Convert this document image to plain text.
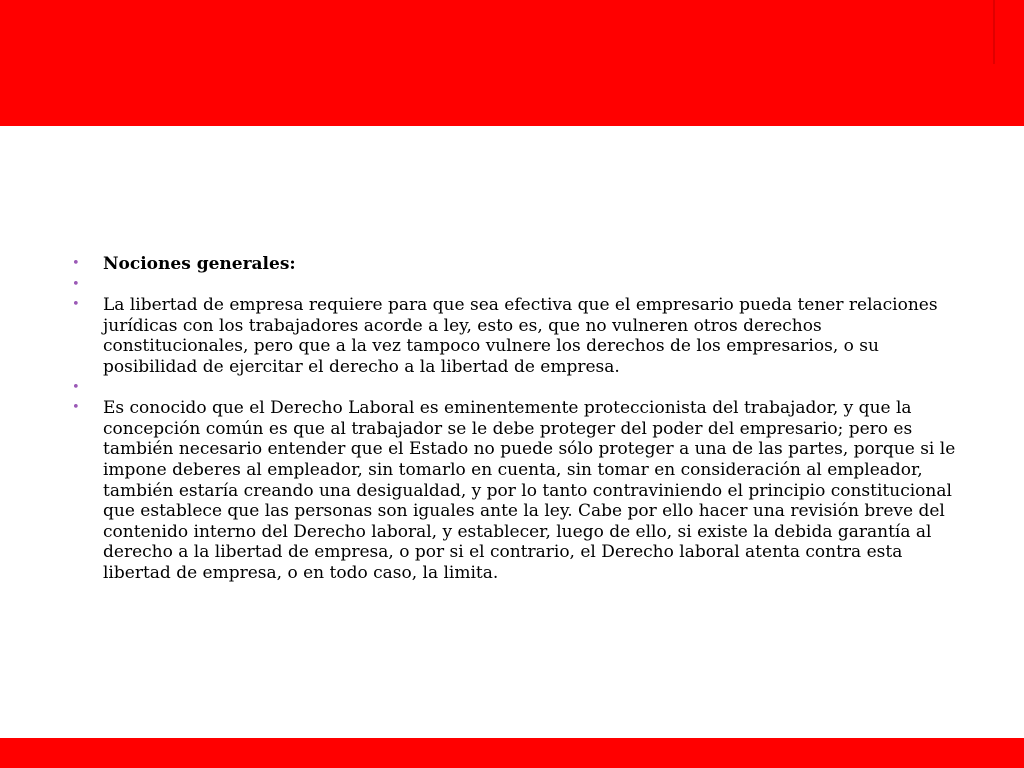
•	Nociones generales:
•
•	La libertad de empresa requiere para que sea efectiva que el empresario pueda tener relaciones jurídicas con los trabajadores acorde a ley, esto es, que no vulneren otros derechos constitucionales, pero que a la vez tampoco vulnere los derechos de los empresarios, o su posibilidad de ejercitar el derecho a la libertad de empresa.
•
•	Es conocido que el Derecho Laboral es eminentemente proteccionista del trabajador, y que la concepción común es que al trabajador se le debe proteger del poder del empresario; pero es también necesario entender que el Estado no puede sólo proteger a una de las partes, porque si le impone deberes al empleador, sin tomarlo en cuenta, sin tomar en consideración al empleador, también estaría creando una desigualdad, y por lo tanto contraviniendo el principio constitucional que establece que las personas son iguales ante la ley. Cabe por ello hacer una revisión breve del contenido interno del Derecho laboral, y establecer, luego de ello, si existe la debida garantía al derecho a la libertad de empresa, o por si el contrario, el Derecho laboral atenta contra esta libertad de empresa, o en todo caso, la limita.
